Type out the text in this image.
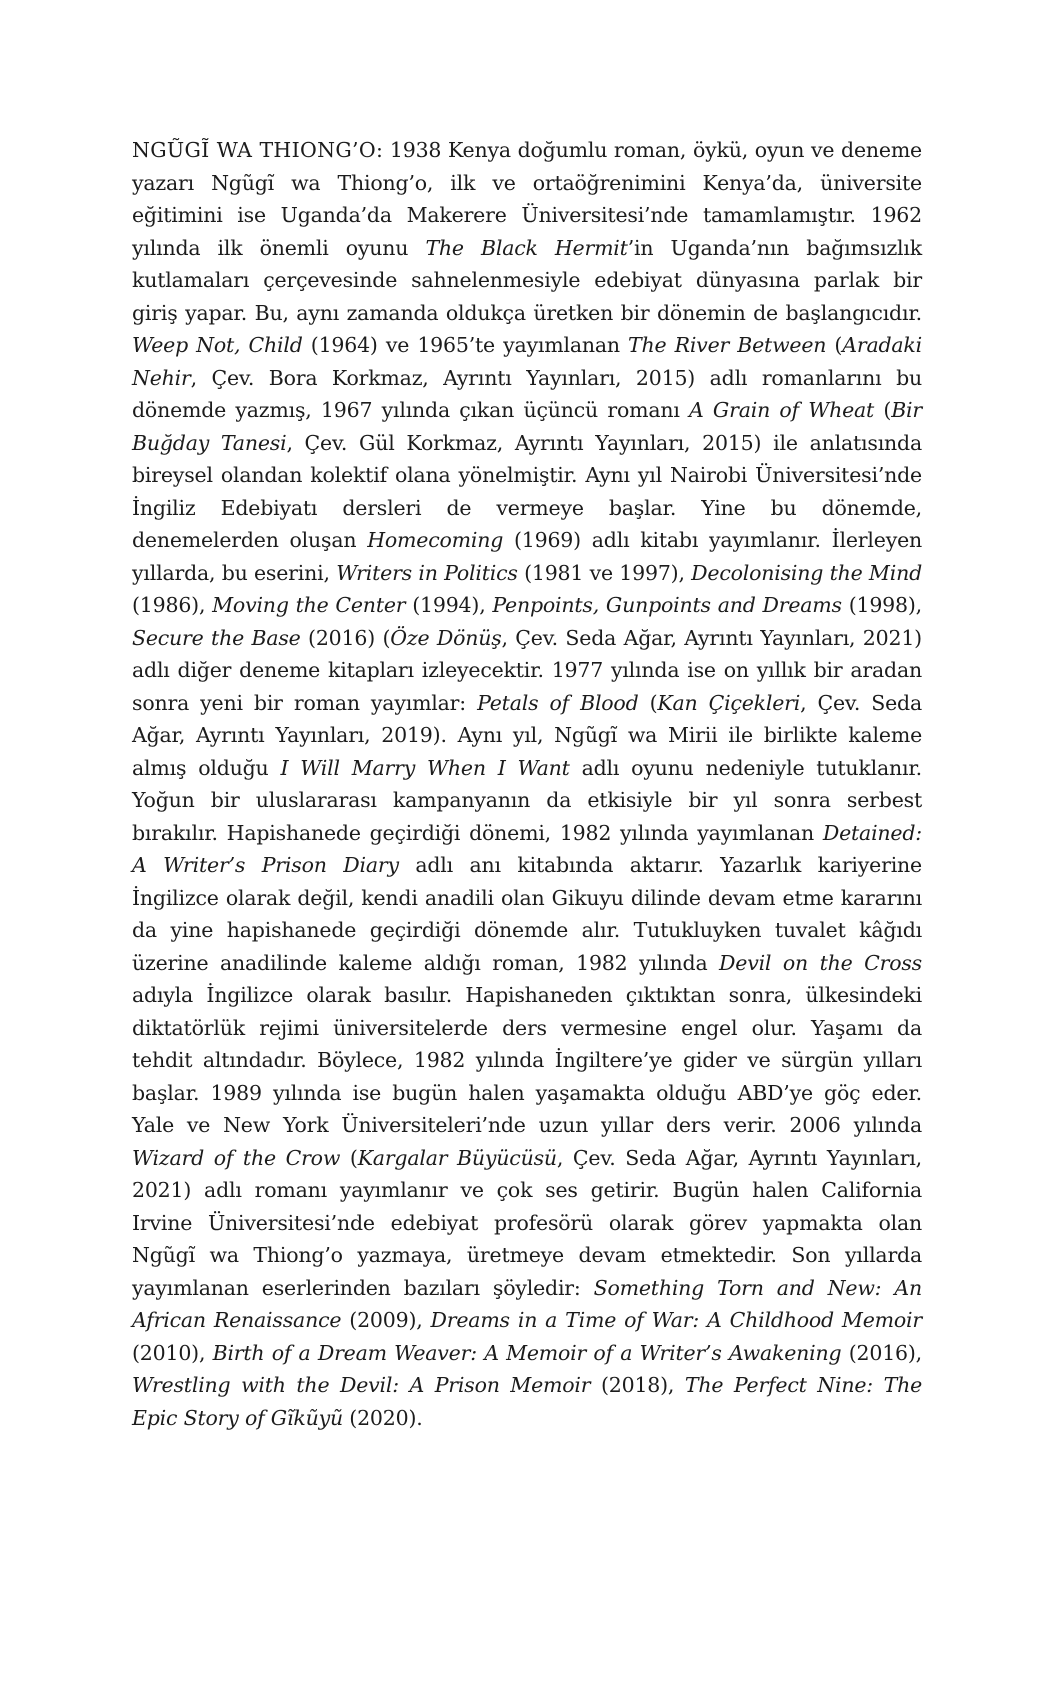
NGŨGĨ WA THIONG’O: 1938 Kenya doğumlu roman, öykü, oyun ve deneme yazarı Ngũgĩ wa Thiong’o, ilk ve ortaöğrenimini Kenya’da, üniversite eğitimini ise Uganda’da Makerere Üniversitesi’nde tamamlamıştır. 1962 yılında ilk önemli oyunu The Black Hermit’in Uganda’nın bağımsızlık kutlamaları çerçevesinde sahnelenmesiyle edebiyat dünyasına parlak bir giriş yapar. Bu, aynı zamanda oldukça üretken bir dönemin de başlangıcıdır. Weep Not, Child (1964) ve 1965’te yayımlanan The River Between (Aradaki Nehir, Çev. Bora Korkmaz, Ayrıntı Yayınları, 2015) adlı romanlarını bu dönemde yazmış, 1967 yılında çıkan üçüncü romanı A Grain of Wheat (Bir Buğday Tanesi, Çev. Gül Korkmaz, Ayrıntı Yayınları, 2015) ile anlatısında bireysel olandan kolektif olana yönelmiştir. Aynı yıl Nairobi Üniversitesi’nde İngiliz Edebiyatı dersleri de vermeye başlar. Yine bu dönemde, denemelerden oluşan Homecoming (1969) adlı kitabı yayımlanır. İlerleyen yıllarda, bu eserini, Writers in Politics (1981 ve 1997), Decolonising the Mind (1986), Moving the Center (1994), Penpoints, Gunpoints and Dreams (1998), Secure the Base (2016) (Öze Dönüş, Çev. Seda Ağar, Ayrıntı Yayınları, 2021) adlı diğer deneme kitapları izleyecektir. 1977 yılında ise on yıllık bir aradan sonra yeni bir roman yayımlar: Petals of Blood (Kan Çiçekleri, Çev. Seda Ağar, Ayrıntı Yayınları, 2019). Aynı yıl, Ngũgĩ wa Mirii ile birlikte kaleme almış olduğu I Will Marry When I Want adlı oyunu nedeniyle tutuklanır. Yoğun bir uluslararası kampanyanın da etkisiyle bir yıl sonra serbest bırakılır. Hapishanede geçirdiği dönemi, 1982 yılında yayımlanan Detained: A Writer’s Prison Diary adlı anı kitabında aktarır. Yazarlık kariyerine İngilizce olarak değil, kendi anadili olan Gikuyu dilinde devam etme kararını da yine hapishanede geçirdiği dönemde alır. Tutukluyken tuvalet kâğıdı üzerine anadilinde kaleme aldığı roman, 1982 yılında Devil on the Cross adıyla İngilizce olarak basılır. Hapishaneden çıktıktan sonra, ülkesindeki diktatörlük rejimi üniversitelerde ders vermesine engel olur. Yaşamı da tehdit altındadır. Böylece, 1982 yılında İngiltere’ye gider ve sürgün yılları başlar. 1989 yılında ise bugün halen yaşamakta olduğu ABD’ye göç eder. Yale ve New York Üniversiteleri’nde uzun yıllar ders verir. 2006 yılında Wizard of the Crow (Kargalar Büyücüsü, Çev. Seda Ağar, Ayrıntı Yayınları, 2021) adlı romanı yayımlanır ve çok ses getirir. Bugün halen California Irvine Üniversitesi’nde edebiyat profesörü olarak görev yapmakta olan Ngũgĩ wa Thiong’o yazmaya, üretmeye devam etmektedir. Son yıllarda yayımlanan eserlerinden bazıları şöyledir: Something Torn and New: An African Renaissance (2009), Dreams in a Time of War: A Childhood Memoir (2010), Birth of a Dream Weaver: A Memoir of a Writer’s Awakening (2016), Wrestling with the Devil: A Prison Memoir (2018), The Perfect Nine: The Epic Story of Gĩkũyũ (2020).
